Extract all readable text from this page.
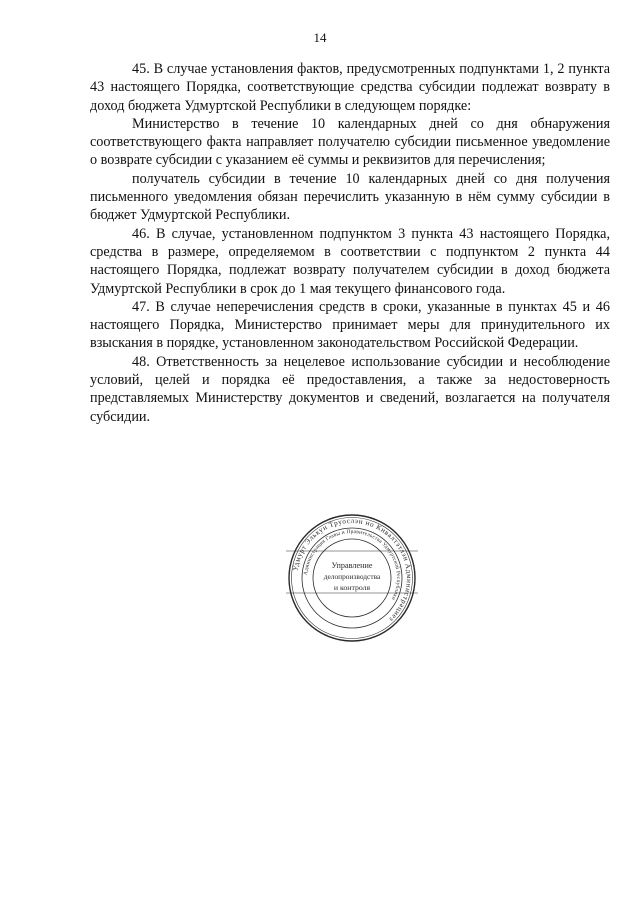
14

45. В случае установления фактов, предусмотренных подпунктами 1, 2 пункта 43 настоящего Порядка, соответствующие средства субсидии подлежат возврату в доход бюджета Удмуртской Республики в следующем порядке:

Министерство в течение 10 календарных дней со дня обнаружения соответствующего факта направляет получателю субсидии письменное уведомление о возврате субсидии с указанием её суммы и реквизитов для перечисления;

получатель субсидии в течение 10 календарных дней со дня получения письменного уведомления обязан перечислить указанную в нём сумму субсидии в бюджет Удмуртской Республики.

46. В случае, установленном подпунктом 3 пункта 43 настоящего Порядка, средства в размере, определяемом в соответствии с подпунктом 2 пункта 44 настоящего Порядка, подлежат возврату получателем субсидии в доход бюджета Удмуртской Республики в срок до 1 мая текущего финансового года.

47. В случае неперечисления средств в сроки, указанные в пунктах 45 и 46 настоящего Порядка, Министерство принимает меры для принудительного их взыскания в порядке, установленном законодательством Российской Федерации.

48. Ответственность за нецелевое использование субсидии и несоблюдение условий, целей и порядка её предоставления, а также за недостоверность представляемых Министерству документов и сведений, возлагается на получателя субсидии.

Удмурт Элькун Труослэн но Кивалтэтлэн Администрациез
Администрация Главы и Правительства Удмуртской Республики
Управление
делопроизводства
и контроля
